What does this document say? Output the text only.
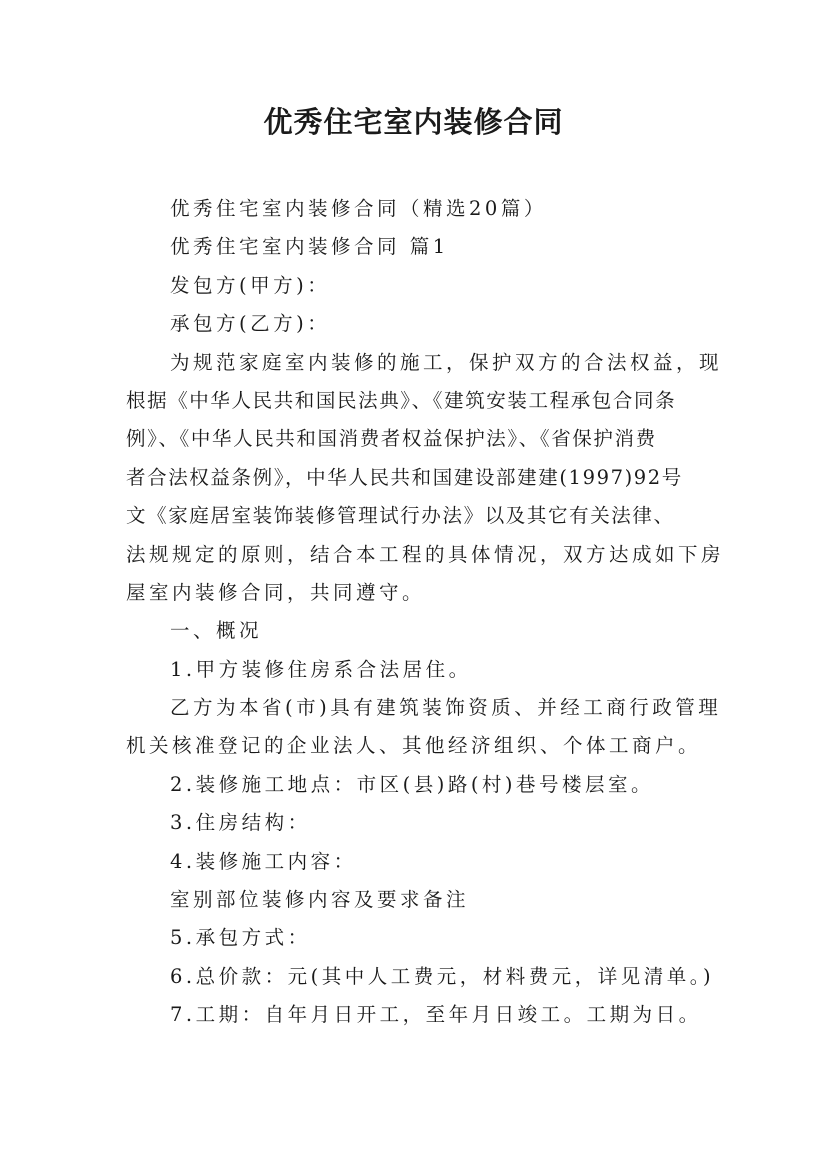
优秀住宅室内装修合同
优秀住宅室内装修合同（精选20篇）
优秀住宅室内装修合同 篇1
发包方(甲方)：
承包方(乙方)：
为规范家庭室内装修的施工，保护双方的合法权益，现
根据《中华人民共和国民法典》、《建筑安装工程承包合同条
例》、《中华人民共和国消费者权益保护法》、《省保护消费
者合法权益条例》，中华人民共和国建设部建建(1997)92号
文《家庭居室装饰装修管理试行办法》以及其它有关法律、
法规规定的原则，结合本工程的具体情况，双方达成如下房
屋室内装修合同，共同遵守。
一、概况
1.甲方装修住房系合法居住。
乙方为本省(市)具有建筑装饰资质、并经工商行政管理
机关核准登记的企业法人、其他经济组织、个体工商户。
2.装修施工地点：市区(县)路(村)巷号楼层室。
3.住房结构：
4.装修施工内容：
室别部位装修内容及要求备注
5.承包方式：
6.总价款：元(其中人工费元，材料费元，详见清单。)
7.工期：自年月日开工，至年月日竣工。工期为日。
